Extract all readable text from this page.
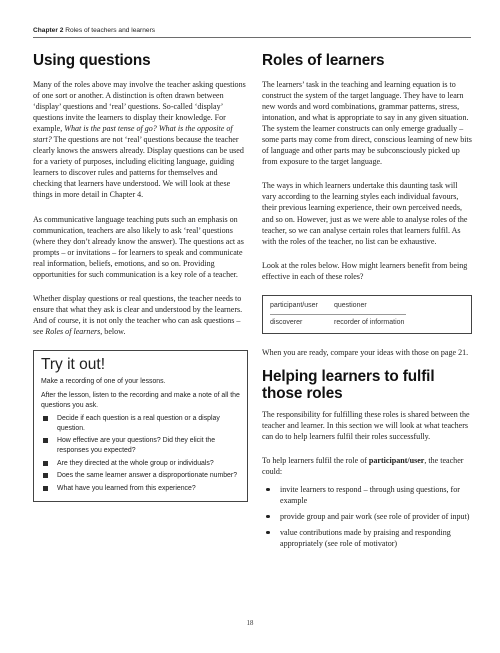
Chapter 2 Roles of teachers and learners
Using questions

Many of the roles above may involve the teacher asking questions of one sort or another. A distinction is often drawn between ‘display’ questions and ‘real’ questions. So-called ‘display’ questions invite the learners to display their knowledge. For example, What is the past tense of go? What is the opposite of start? The questions are not ‘real’ questions because the teacher clearly knows the answers already. Display questions can be used for a variety of purposes, including eliciting language, guiding learners to discover rules and patterns for themselves and checking that learners have understood. We will look at these things in more detail in Chapter 4.

As communicative language teaching puts such an emphasis on communication, teachers are also likely to ask ‘real’ questions (where they don’t already know the answer). The questions act as prompts – or invitations – for learners to speak and communicate real information, beliefs, emotions, and so on. Providing opportunities for such communication is a key role of a teacher.

Whether display questions or real questions, the teacher needs to ensure that what they ask is clear and understood by the learners. And of course, it is not only the teacher who can ask questions – see Roles of learners, below.

Try it out!

Make a recording of one of your lessons.

After the lesson, listen to the recording and make a note of all the questions you ask.

Decide if each question is a real question or a display question.
How effective are your questions? Did they elicit the responses you expected?
Are they directed at the whole group or individuals?
Does the same learner answer a disproportionate number?
What have you learned from this experience?
Roles of learners

The learners’ task in the teaching and learning equation is to construct the system of the target language. They have to learn new words and word combinations, grammar patterns, stress, intonation, and what is appropriate to say in any given situation. The system the learner constructs can only emerge gradually – some parts may come from direct, conscious learning of new bits of language and other parts may be subconsciously picked up from exposure to the target language.

The ways in which learners undertake this daunting task will vary according to the learning styles each individual favours, their previous learning experience, their own perceived needs, and so on. However, just as we were able to analyse roles of the teacher, so we can analyse certain roles that learners fulfil. As with the roles of the teacher, no list can be exhaustive.

Look at the roles below. How might learners benefit from being effective in each of these roles?

participant/user	questioner
discoverer	recorder of information

When you are ready, compare your ideas with those on page 21.

Helping learners to fulfil those roles

The responsibility for fulfilling these roles is shared between the teacher and learner. In this section we will look at what teachers can do to help learners fulfil their roles successfully.

To help learners fulfil the role of participant/user, the teacher could:

invite learners to respond – through using questions, for example
provide group and pair work (see role of provider of input)
value contributions made by praising and responding appropriately (see role of motivator)
18
